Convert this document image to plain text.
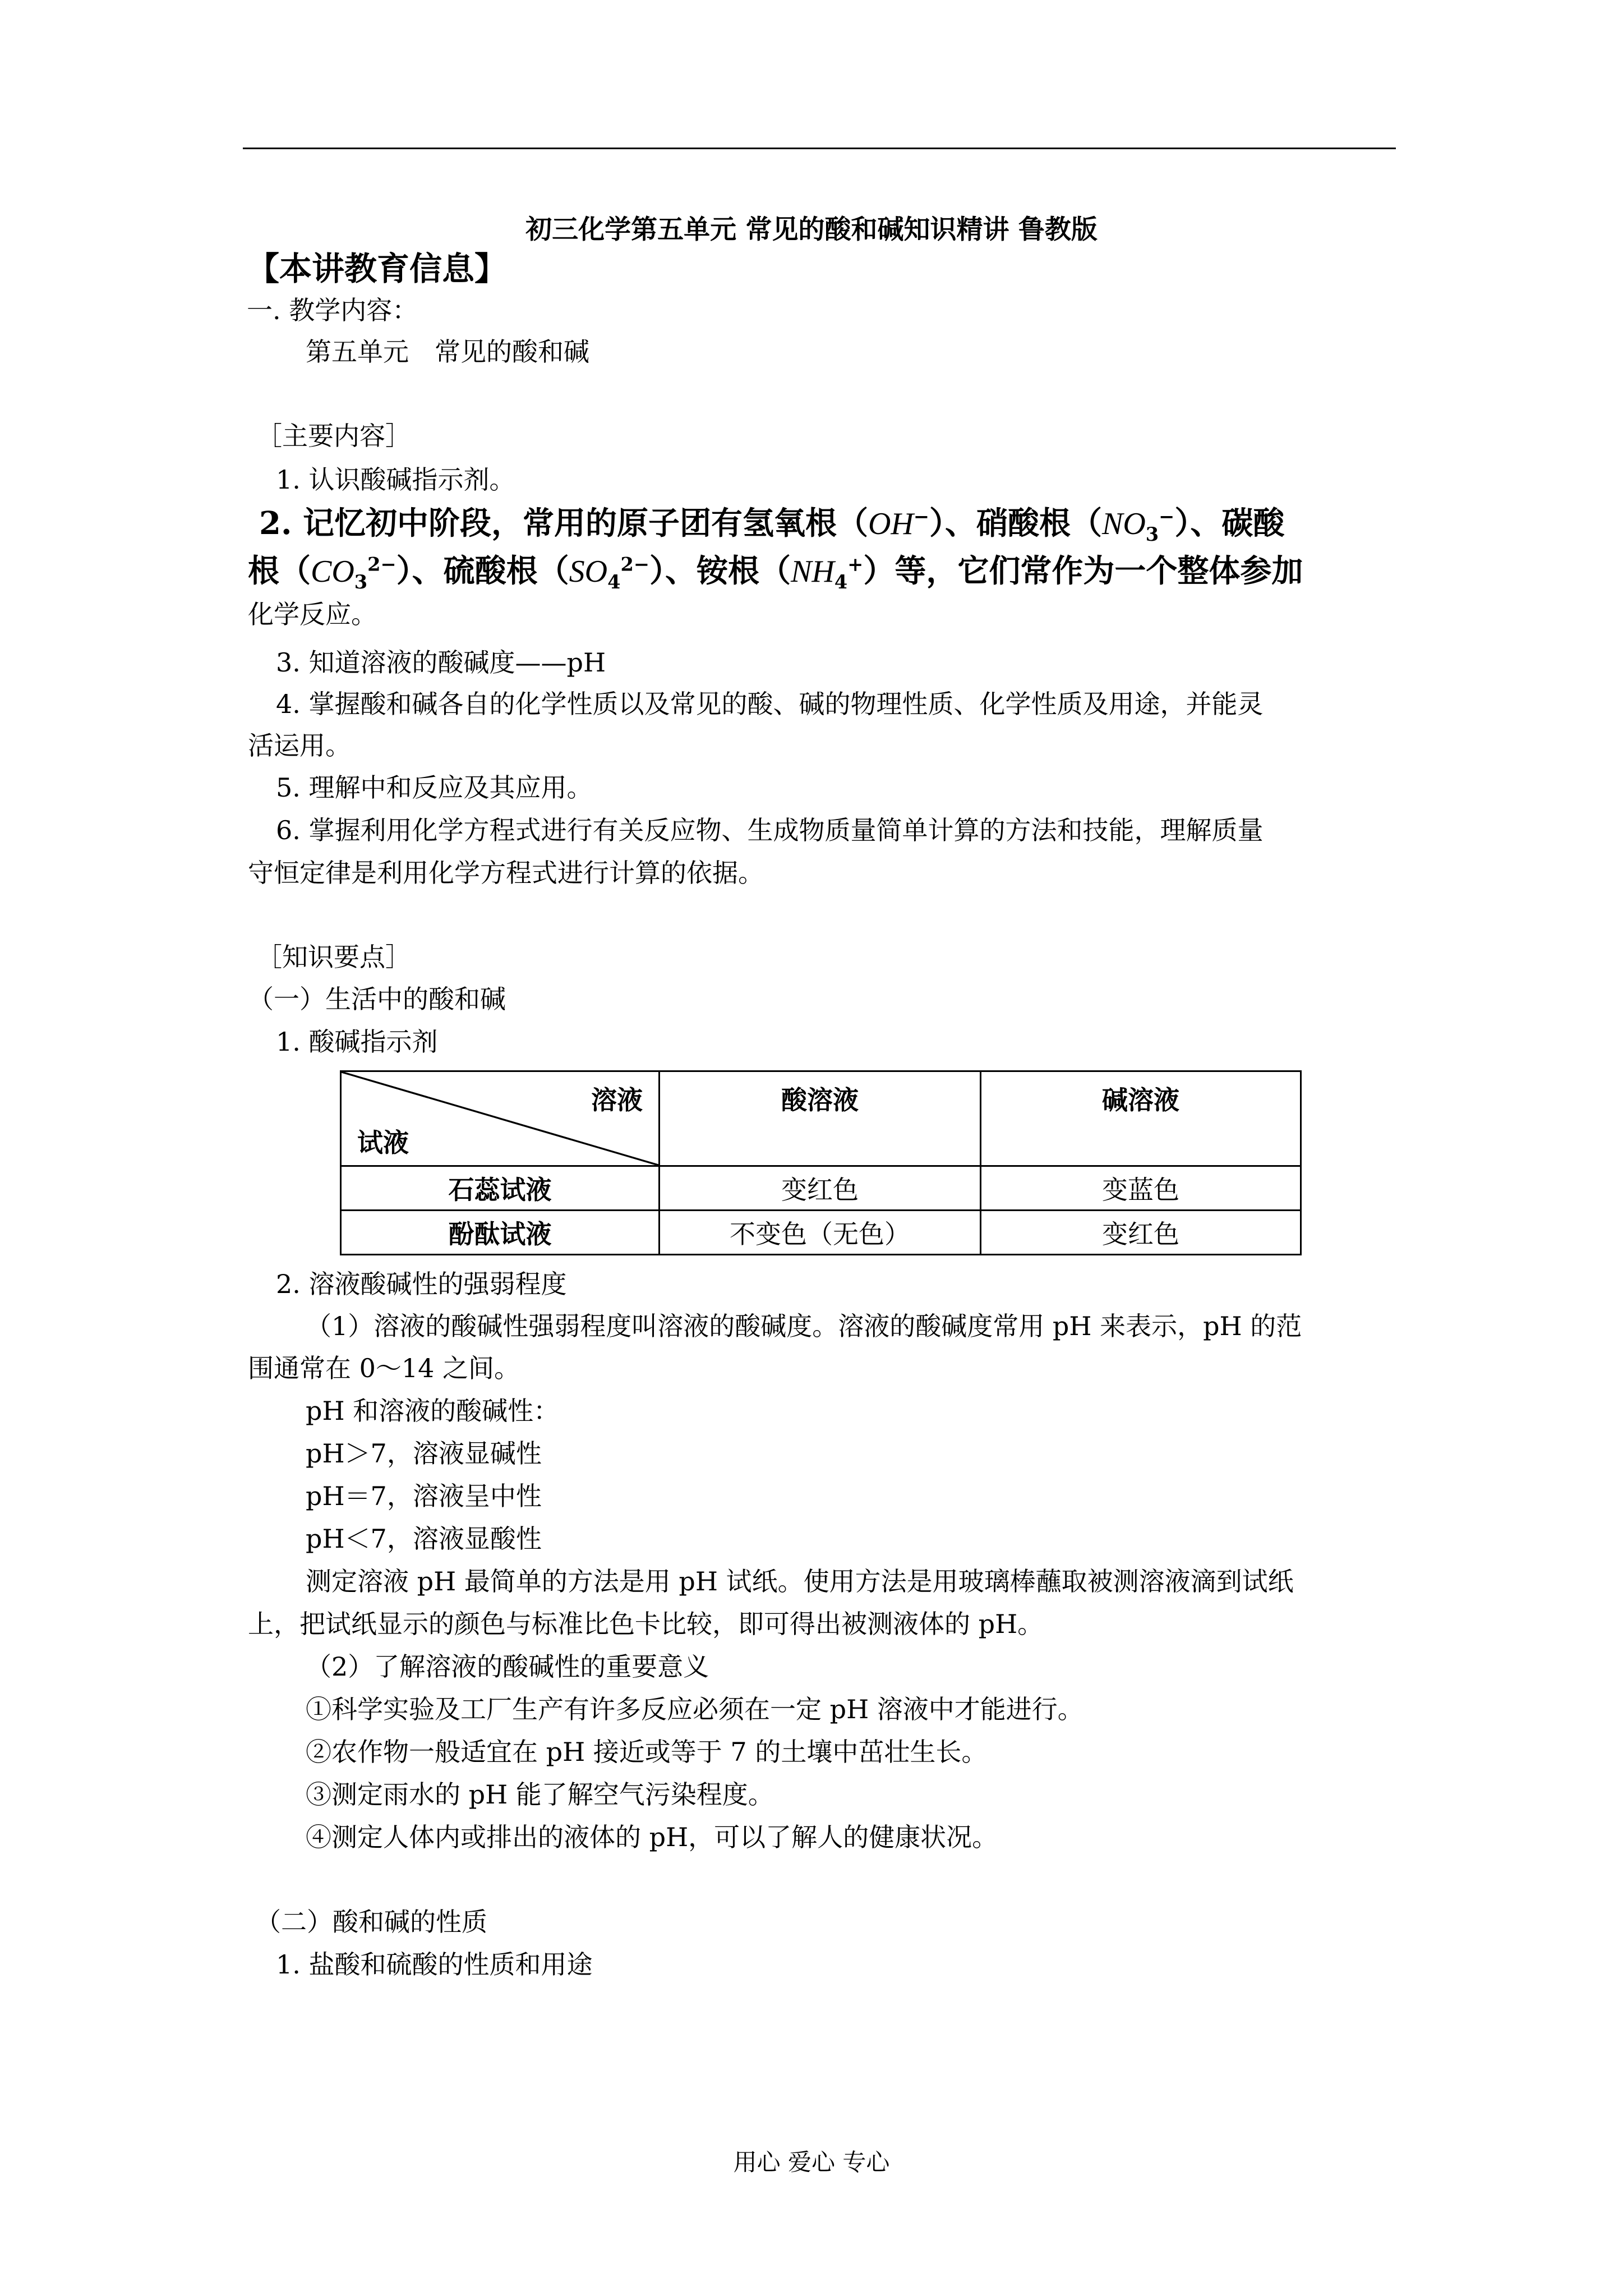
初三化学第五单元 常见的酸和碱知识精讲 鲁教版
【本讲教育信息】
一. 教学内容：
第五单元　常见的酸和碱
［主要内容］
1. 认识酸碱指示剂。
2. 记忆初中阶段，常用的原子团有氢氧根（OH−）、硝酸根$(NO_3^-)$、碳酸
根$(CO_3^{2-})$、硫酸根$(SO_4^{2-})$、铵根$(NH_4^+)$等，它们常作为一个整体参加
化学反应。
3. 知道溶液的酸碱度——pH
4. 掌握酸和碱各自的化学性质以及常见的酸、碱的物理性质、化学性质及用途，并能灵
活运用。
5. 理解中和反应及其应用。
6. 掌握利用化学方程式进行有关反应物、生成物质量简单计算的方法和技能，理解质量
守恒定律是利用化学方程式进行计算的依据。
［知识要点］
（一）生活中的酸和碱
1. 酸碱指示剂
溶液
试液	酸溶液	碱溶液
石蕊试液	变红色	变蓝色
酚酞试液	不变色（无色）	变红色
2. 溶液酸碱性的强弱程度
（1）溶液的酸碱性强弱程度叫溶液的酸碱度。溶液的酸碱度常用 pH 来表示，pH 的范
围通常在 0～14 之间。
pH 和溶液的酸碱性：
pH＞7，溶液显碱性
pH＝7，溶液呈中性
pH＜7，溶液显酸性
测定溶液 pH 最简单的方法是用 pH 试纸。使用方法是用玻璃棒蘸取被测溶液滴到试纸
上，把试纸显示的颜色与标准比色卡比较，即可得出被测液体的 pH。
（2）了解溶液的酸碱性的重要意义
①科学实验及工厂生产有许多反应必须在一定 pH 溶液中才能进行。
②农作物一般适宜在 pH 接近或等于 7 的土壤中茁壮生长。
③测定雨水的 pH 能了解空气污染程度。
④测定人体内或排出的液体的 pH，可以了解人的健康状况。
（二）酸和碱的性质
1. 盐酸和硫酸的性质和用途
用心 爱心 专心
